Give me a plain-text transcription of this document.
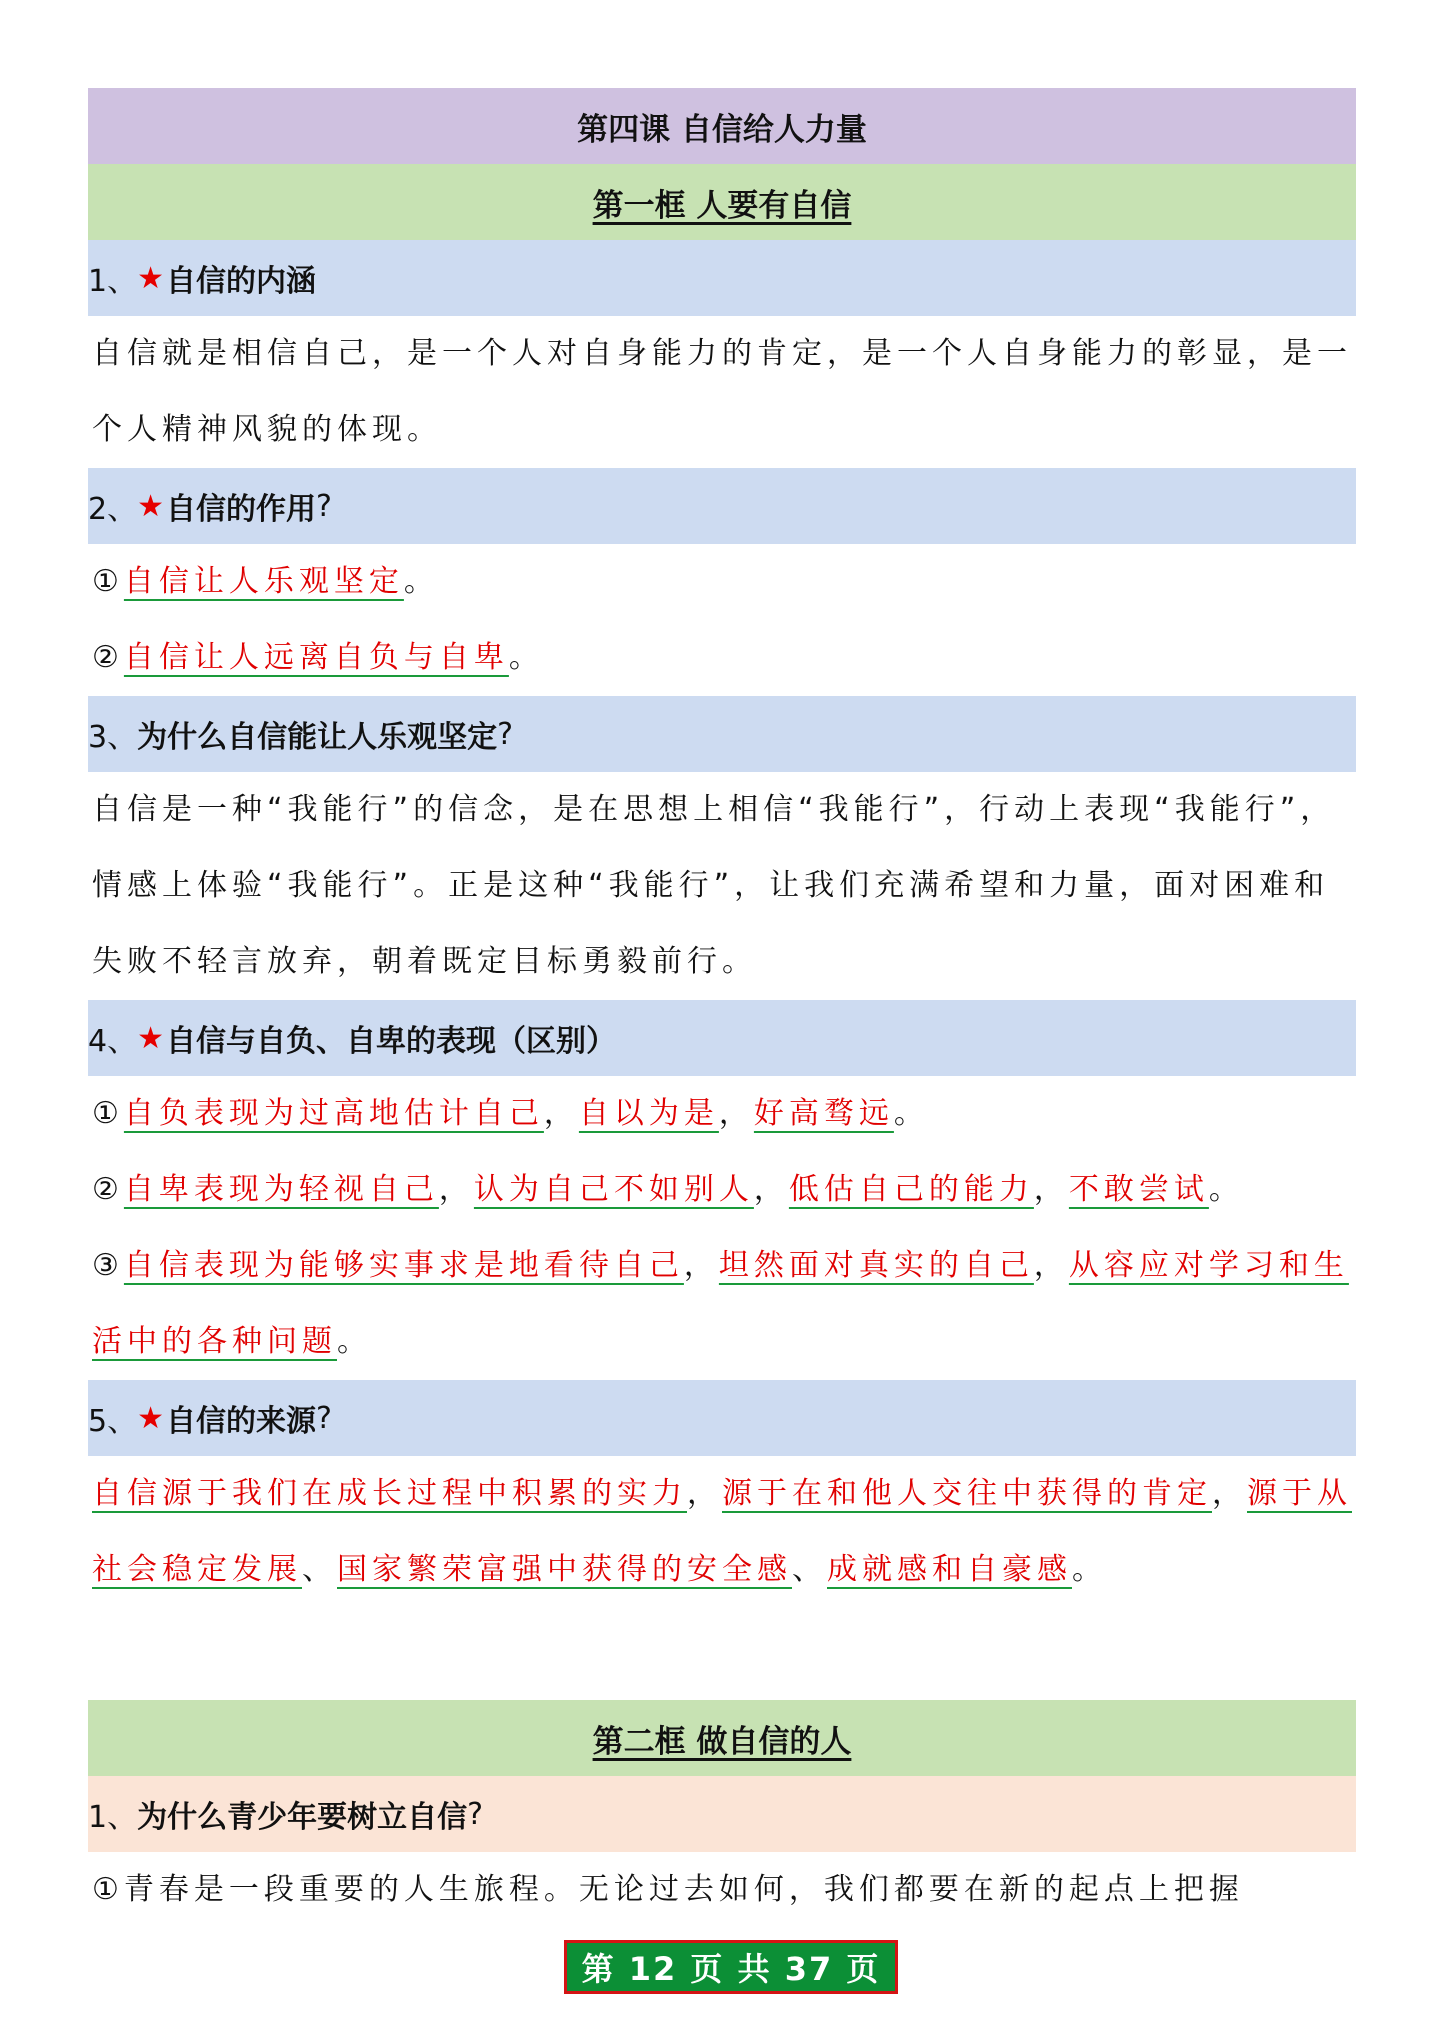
第四课 自信给人力量
第一框 人要有自信
1、 ★ 自信的内涵
自信就是相信自己，是一个人对自身能力的肯定，是一个人自身能力的彰显，是一个人精神风貌的体现。
2、 ★ 自信的作用 ?
①自信让人乐观坚定。
②自信让人远离自负与自卑。
3、 为什么自信能让人乐观坚定 ?
自信是一种“我能行”的信念，是在思想上相信“我能行”，行动上表现“我能行”，情感上体验“我能行”。正是这种“我能行”，让我们充满希望和力量，面对困难和失败不轻言放弃，朝着既定目标勇毅前行。
4、 ★ 自信与自负、自卑的表现（区别）
①自负表现为过高地估计自己，自以为是，好高骛远。
②自卑表现为轻视自己，认为自己不如别人，低估自己的能力，不敢尝试。
③自信表现为能够实事求是地看待自己，坦然面对真实的自己，从容应对学习和生活中的各种问题。
5、 ★ 自信的来源 ?
自信源于我们在成长过程中积累的实力，源于在和他人交往中获得的肯定，源于从社会稳定发展、国家繁荣富强中获得的安全感、成就感和自豪感。
第二框 做自信的人
1、 为什么青少年要树立自信 ?
①青春是一段重要的人生旅程。无论过去如何，我们都要在新的起点上把握
第 12 页 共 37 页
